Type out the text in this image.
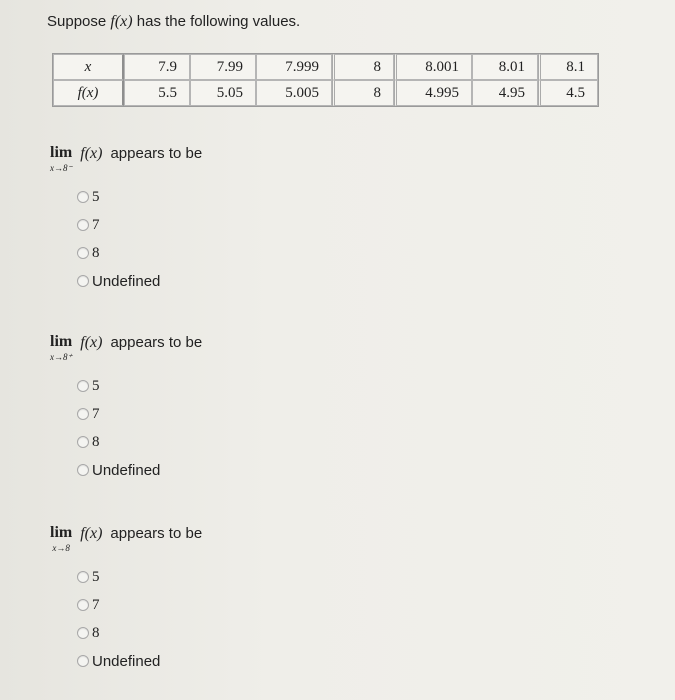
Suppose f(x) has the following values.
x	7.9	7.99	7.999	8	8.001	8.01	8.1
f(x)	5.5	5.05	5.005	8	4.995	4.95	4.5
lim
x→8⁻
f(x) appears to be
5
7
8
Undefined
lim
x→8⁺
f(x) appears to be
5
7
8
Undefined
lim
x→8
f(x) appears to be
5
7
8
Undefined
